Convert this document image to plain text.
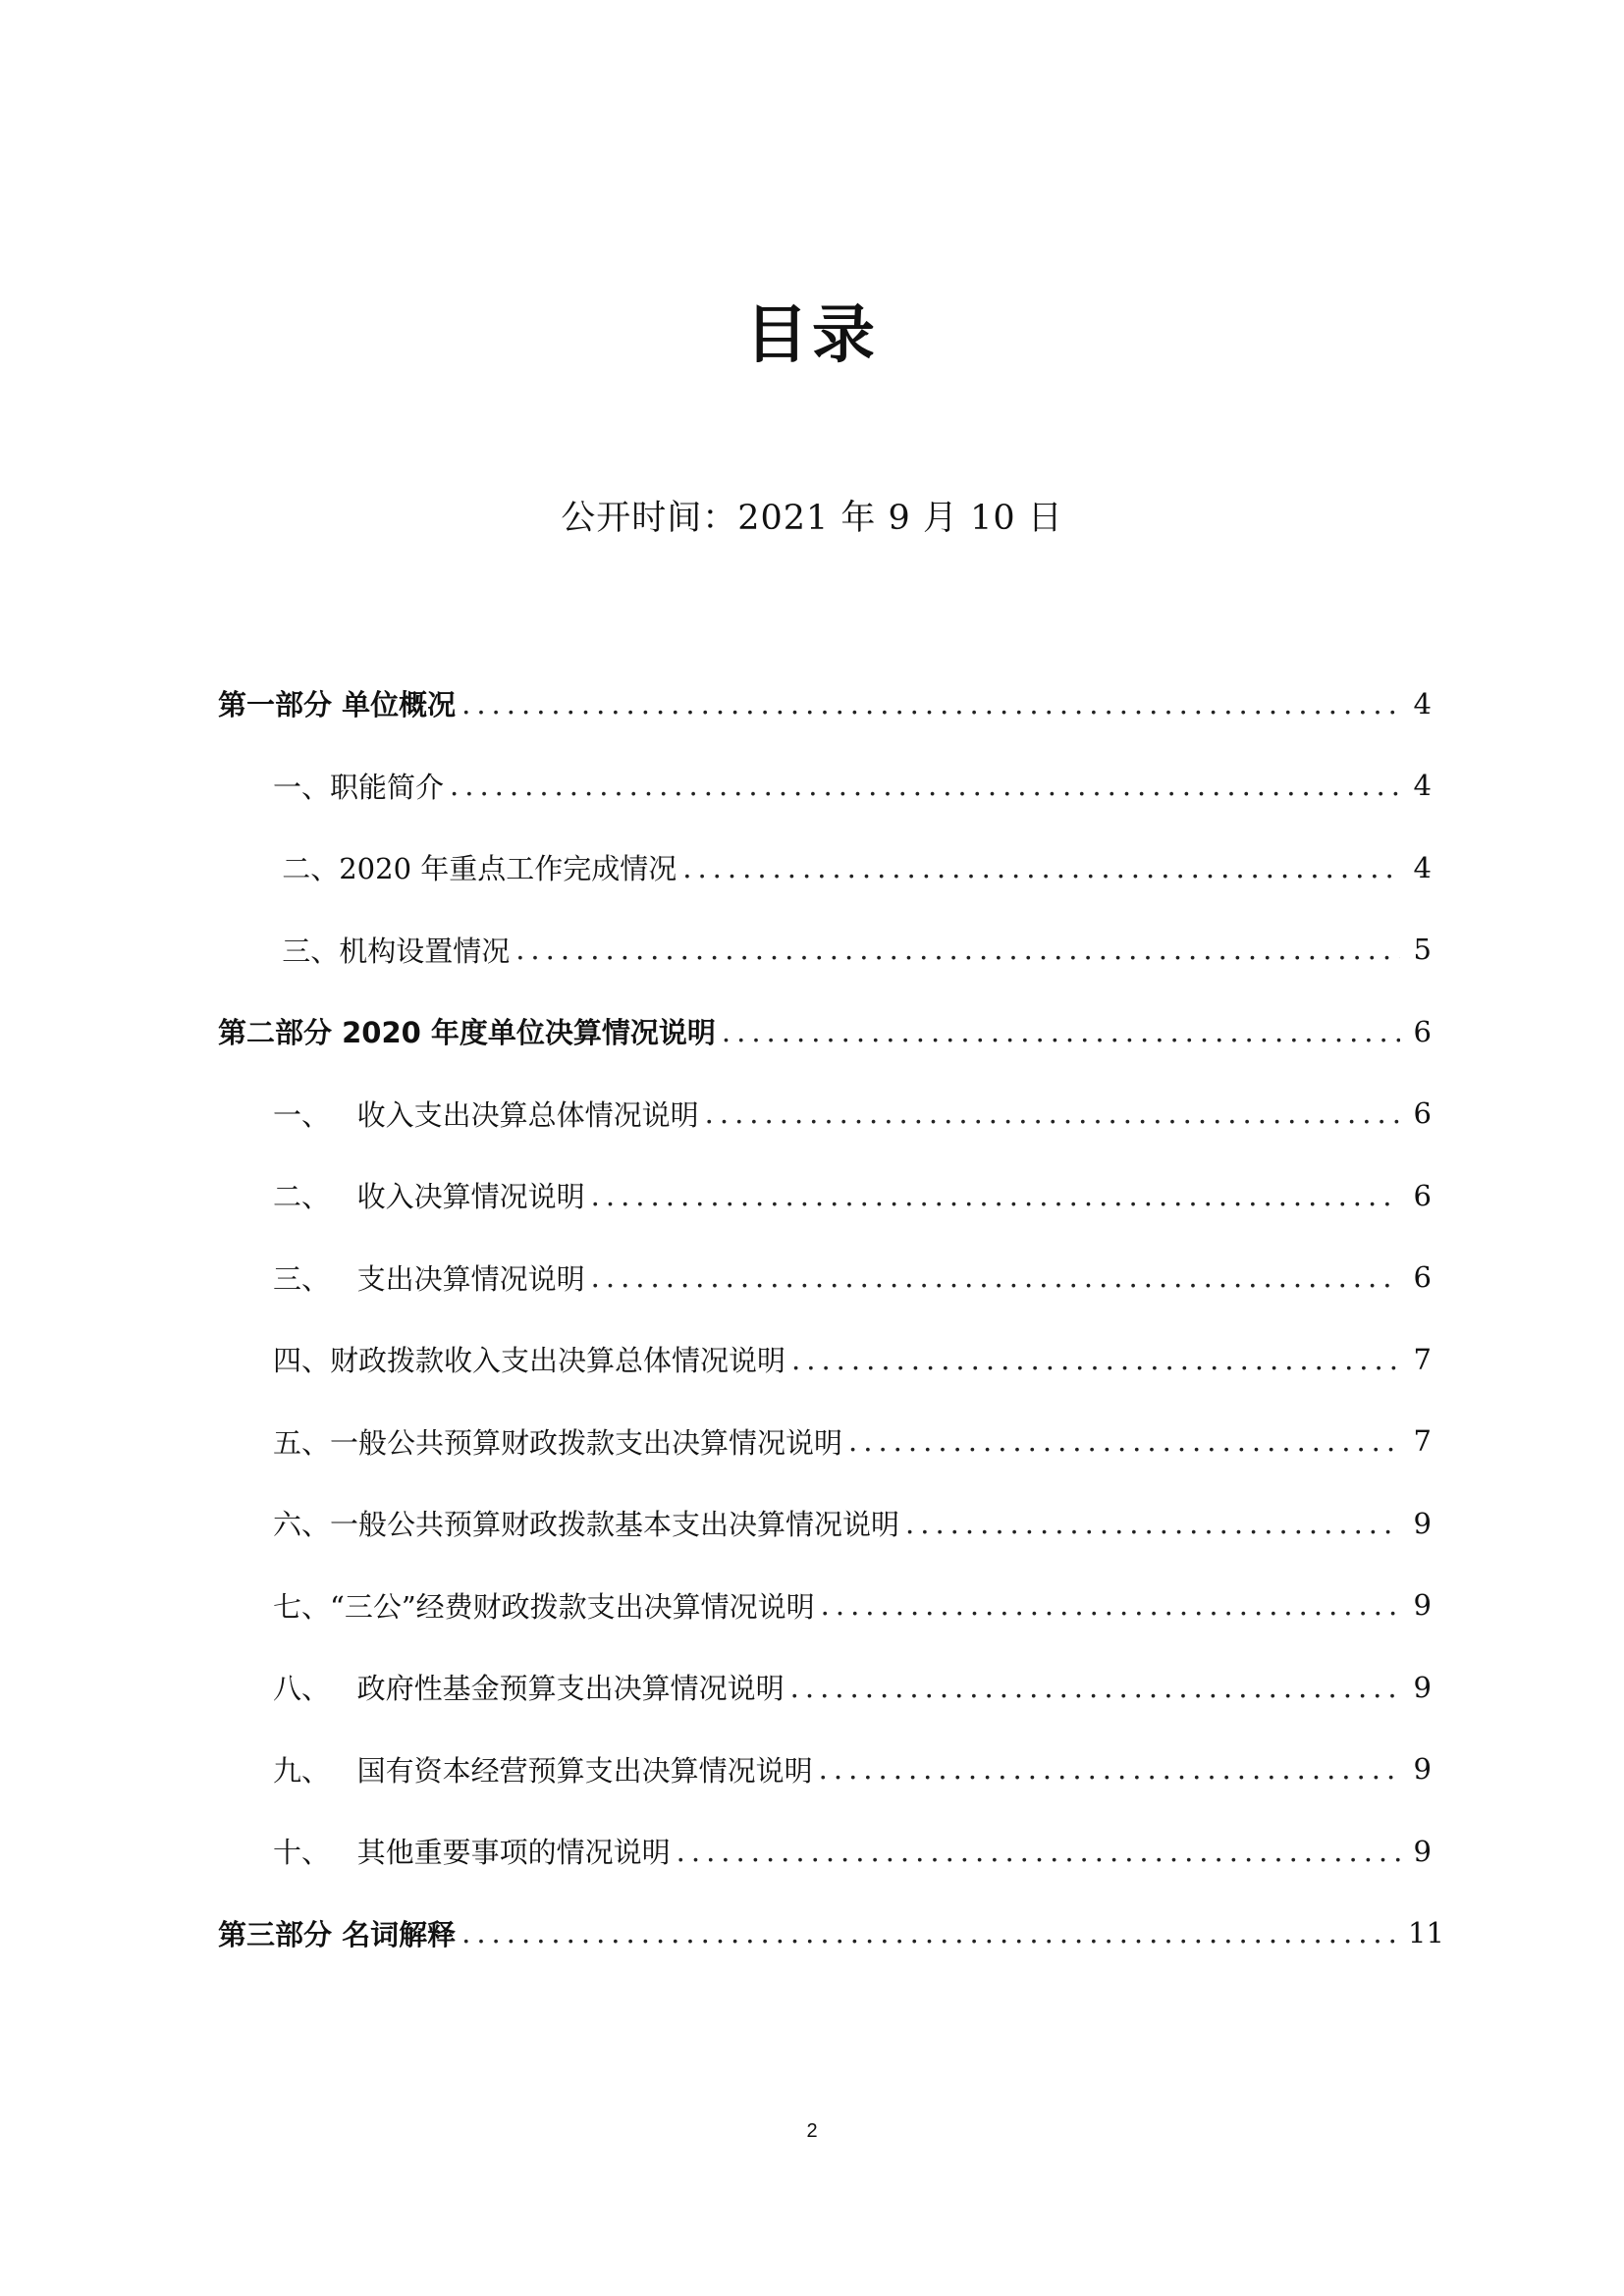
目录
公开时间：2021 年 9 月 10 日
第一部分 单位概况 .....	4
一、职能简介 .....	4
二、2020 年重点工作完成情况 .....	4
三、机构设置情况 .....	5
第二部分 2020 年度单位决算情况说明 .....	6
一、   收入支出决算总体情况说明 .....	6
二、   收入决算情况说明 .....	6
三、   支出决算情况说明 .....	6
四、财政拨款收入支出决算总体情况说明 .....	7
五、一般公共预算财政拨款支出决算情况说明 .....	7
六、一般公共预算财政拨款基本支出决算情况说明 .....	9
七、“三公”经费财政拨款支出决算情况说明 .....	9
八、   政府性基金预算支出决算情况说明 .....	9
九、   国有资本经营预算支出决算情况说明 .....	9
十、   其他重要事项的情况说明 .....	9
第三部分 名词解释 .....	11
2
